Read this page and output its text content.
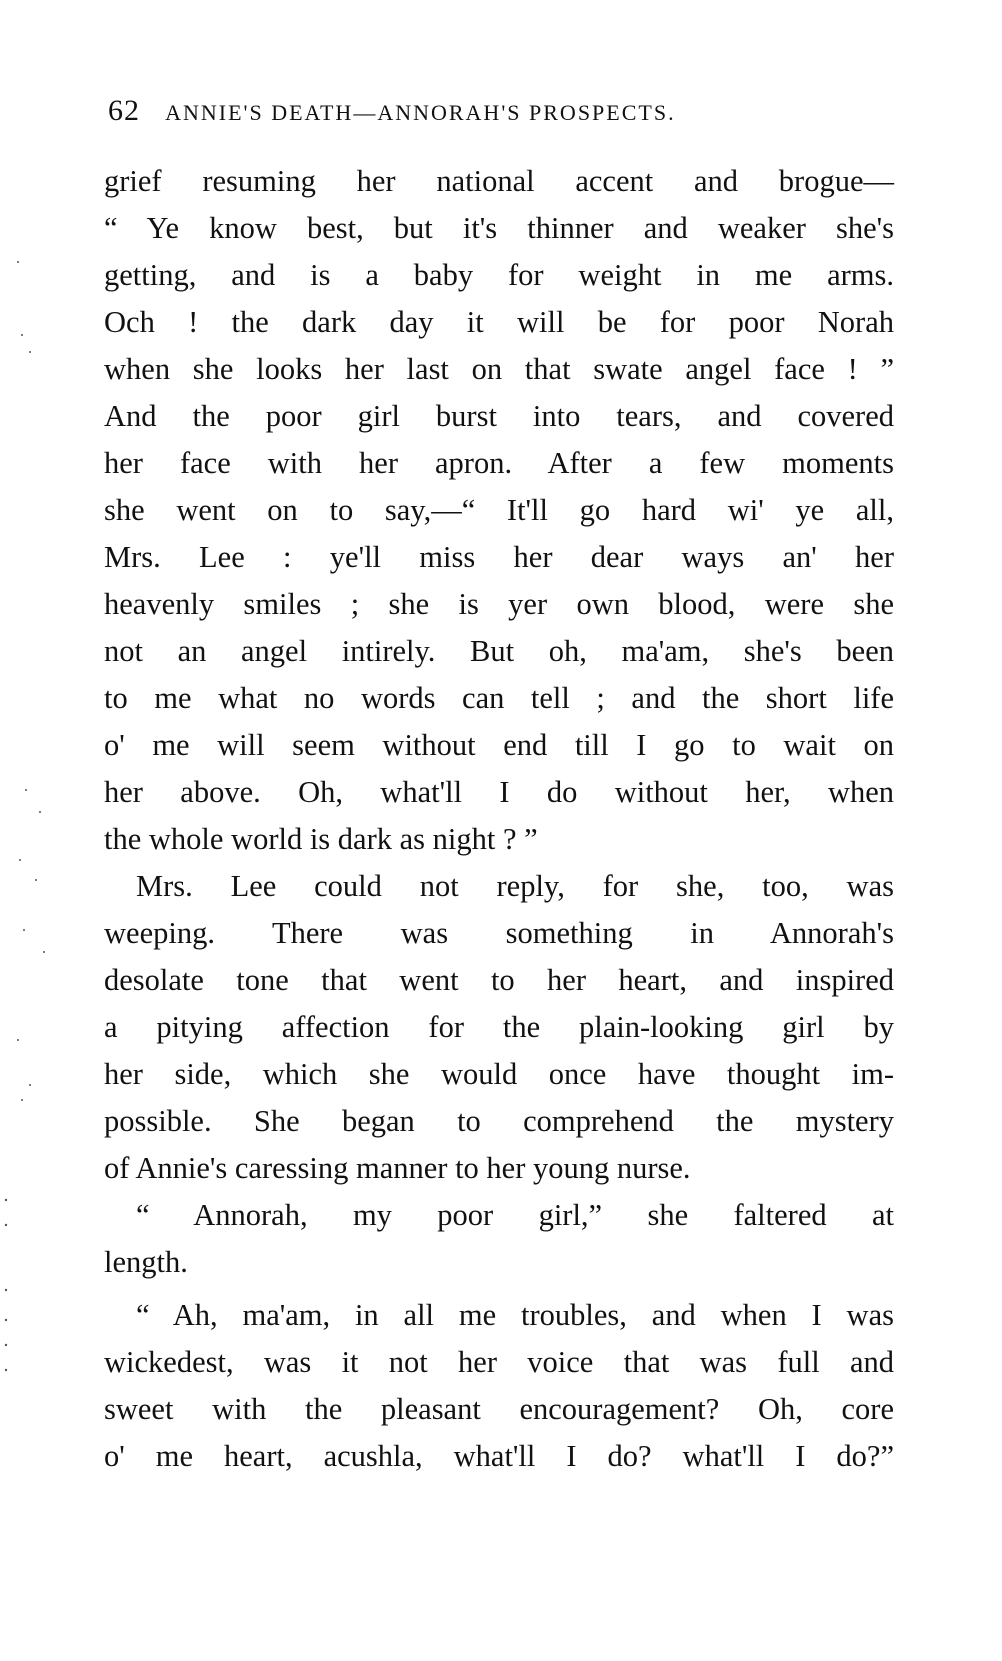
62 ANNIE'S DEATH—ANNORAH'S PROSPECTS.
grief resuming her national accent and brogue—
“ Ye know best, but it's thinner and weaker she's
getting, and is a baby for weight in me arms.
Och ! the dark day it will be for poor Norah
when she looks her last on that swate angel face ! ”
And the poor girl burst into tears, and covered
her face with her apron. After a few moments
she went on to say,—“ It'll go hard wi' ye all,
Mrs. Lee : ye'll miss her dear ways an' her
heavenly smiles ; she is yer own blood, were she
not an angel intirely. But oh, ma'am, she's been
to me what no words can tell ; and the short life
o' me will seem without end till I go to wait on
her above. Oh, what'll I do without her, when
the whole world is dark as night ? ”
Mrs. Lee could not reply, for she, too, was
weeping. There was something in Annorah's
desolate tone that went to her heart, and inspired
a pitying affection for the plain-looking girl by
her side, which she would once have thought im-
possible. She began to comprehend the mystery
of Annie's caressing manner to her young nurse.
“ Annorah, my poor girl,” she faltered at
length.
“ Ah, ma'am, in all me troubles, and when I was
wickedest, was it not her voice that was full and
sweet with the pleasant encouragement? Oh, core
o' me heart, acushla, what'll I do? what'll I do?”
